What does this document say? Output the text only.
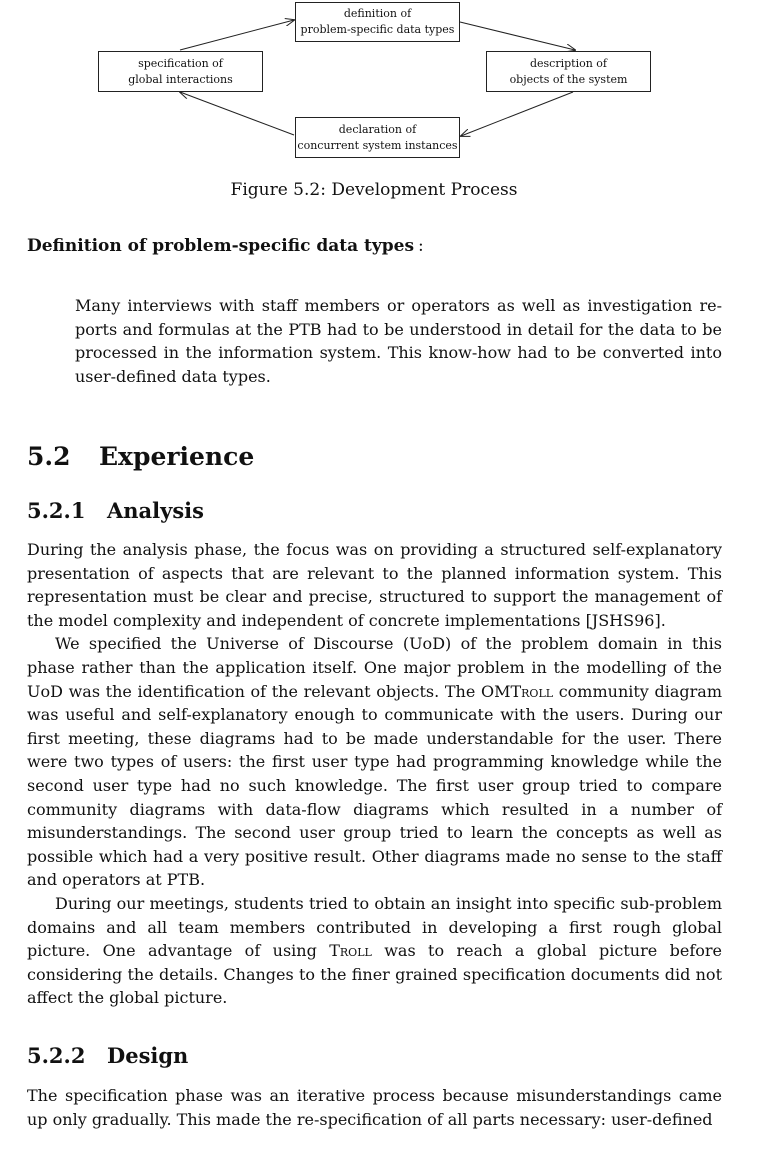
definition of
problem-specific data types
specification of
global interactions
description of
objects of the system
declaration of
concurrent system instances
Figure 5.2: Development Process
Definition of problem-specific data types :
Many interviews with staff members or operators as well as investigation reports and formulas at the PTB had to be understood in detail for the data to be processed in the information system. This know-how had to be converted into user-defined data types.
5.2 Experience
5.2.1 Analysis

During the analysis phase, the focus was on providing a structured self-explanatory presentation of aspects that are relevant to the planned information system. This representation must be clear and precise, structured to support the management of the model complexity and independent of concrete implementations [JSHS96].

We specified the Universe of Discourse (UoD) of the problem domain in this phase rather than the application itself. One major problem in the modelling of the UoD was the identification of the relevant objects. The OMTroll community diagram was useful and self-explanatory enough to communicate with the users. During our first meeting, these diagrams had to be made understandable for the user. There were two types of users: the first user type had programming knowledge while the second user type had no such knowledge. The first user group tried to compare community diagrams with data-flow diagrams which resulted in a number of misunderstandings. The second user group tried to learn the concepts as well as possible which had a very positive result. Other diagrams made no sense to the staff and operators at PTB.

During our meetings, students tried to obtain an insight into specific sub-problem domains and all team members contributed in developing a first rough global picture. One advantage of using Troll was to reach a global picture before considering the details. Changes to the finer grained specification documents did not affect the global picture.

5.2.2 Design

The specification phase was an iterative process because misunderstandings came up only gradually. This made the re-specification of all parts necessary: user-defined
